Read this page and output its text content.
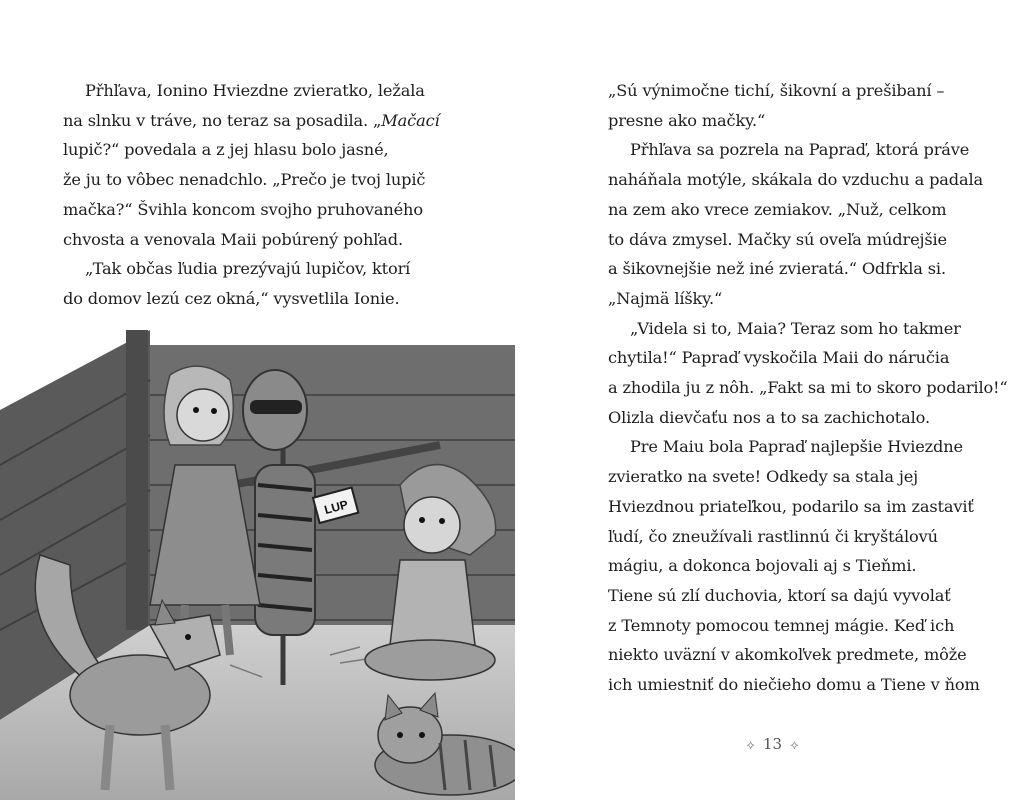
Přhľava, Ionino Hviezdne zvieratko, ležala
na slnku v tráve, no teraz sa posadila. „Mačací
lupič?“ povedala a z jej hlasu bolo jasné,
že ju to vôbec nenadchlo. „Prečo je tvoj lupič
mačka?“ Švihla koncom svojho pruhovaného
chvosta a venovala Maii pobúrený pohľad.
„Tak občas ľudia prezývajú lupičov, ktorí
do domov lezú cez okná,“ vysvetlila Ionie.
LUP
„Sú výnimočne tichí, šikovní a prešibaní –
presne ako mačky.“
Přhľava sa pozrela na Papraď, ktorá práve
naháňala motýle, skákala do vzduchu a padala
na zem ako vrece zemiakov. „Nuž, celkom
to dáva zmysel. Mačky sú oveľa múdrejšie
a šikovnejšie než iné zvieratá.“ Odfrkla si.
„Najmä líšky.“
„Videla si to, Maia? Teraz som ho takmer
chytila!“ Papraď vyskočila Maii do náručia
a zhodila ju z nôh. „Fakt sa mi to skoro podarilo!“
Olizla dievčaťu nos a to sa zachichotalo.
Pre Maiu bola Papraď najlepšie Hviezdne
zvieratko na svete! Odkedy sa stala jej
Hviezdnou priateľkou, podarilo sa im zastaviť
ľudí, čo zneužívali rastlinnú či kryštálovú
mágiu, a dokonca bojovali aj s Tieňmi.
Tiene sú zlí duchovia, ktorí sa dajú vyvolať
z Temnoty pomocou temnej mágie. Keď ich
niekto uväzní v akomkoľvek predmete, môže
ich umiestniť do niečieho domu a Tiene v ňom
⟡ 13 ⟡
